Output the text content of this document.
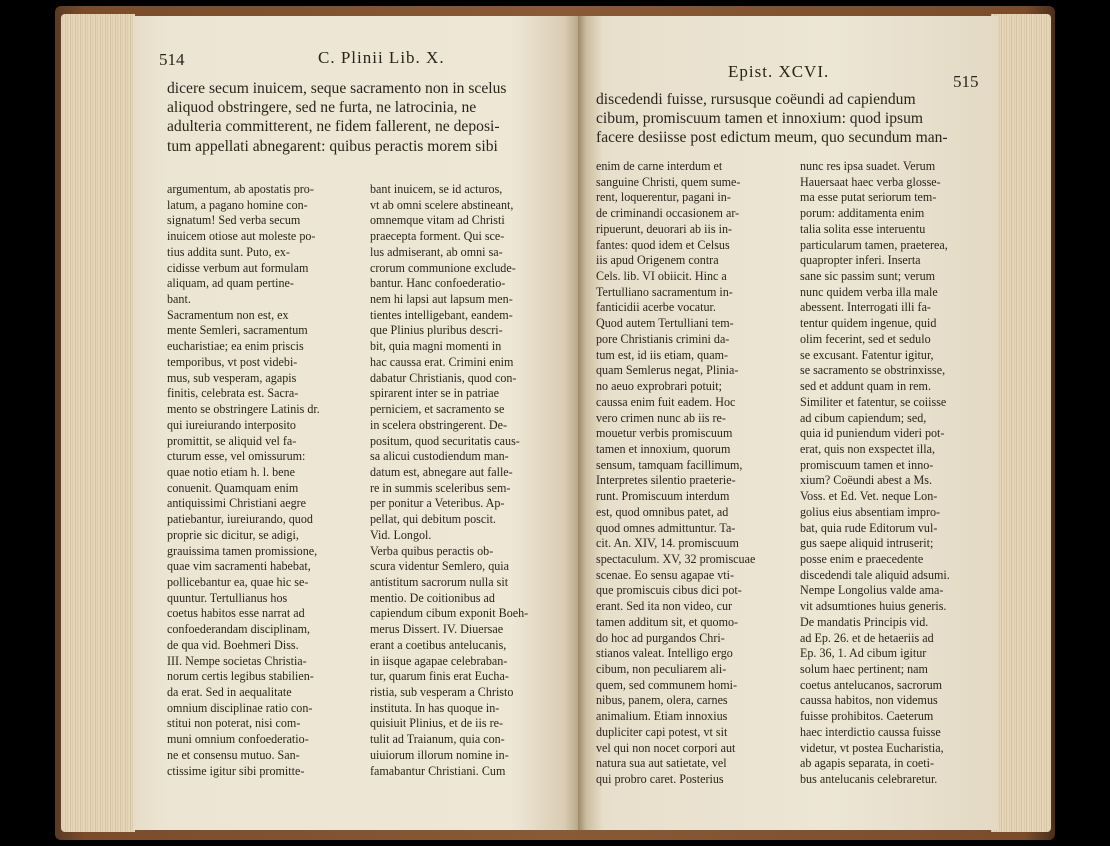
514	C. Plinii Lib. X.
dicere secum inuicem, seque sacramento non in scelus
aliquod obstringere, sed ne furta, ne latrocinia, ne
adulteria committerent, ne fidem fallerent, ne deposi-
tum appellati abnegarent: quibus peractis morem sibi
argumentum, ab apostatis pro-
latum, a pagano homine con-
signatum! Sed verba secum
inuicem otiose aut moleste po-
tius addita sunt. Puto, ex-
cidisse verbum aut formulam
aliquam, ad quam pertine-
bant.
Sacramentum non est, ex
mente Semleri, sacramentum
eucharistiae; ea enim priscis
temporibus, vt post videbi-
mus, sub vesperam, agapis
finitis, celebrata est. Sacra-
mento se obstringere Latinis dr.
qui iureiurando interposito
promittit, se aliquid vel fa-
cturum esse, vel omissurum:
quae notio etiam h. l. bene
conuenit. Quamquam enim
antiquissimi Christiani aegre
patiebantur, iureiurando, quod
proprie sic dicitur, se adigi,
grauissima tamen promissione,
quae vim sacramenti habebat,
pollicebantur ea, quae hic se-
quuntur. Tertullianus hos
coetus habitos esse narrat ad
confoederandam disciplinam,
de qua vid. Boehmeri Diss.
III. Nempe societas Christia-
norum certis legibus stabilien-
da erat. Sed in aequalitate
omnium disciplinae ratio con-
stitui non poterat, nisi com-
muni omnium confoederatio-
ne et consensu mutuo. San-
ctissime igitur sibi promitte-
bant inuicem, se id acturos,
vt ab omni scelere abstineant,
omnemque vitam ad Christi
praecepta forment. Qui sce-
lus admiserant, ab omni sa-
crorum communione exclude-
bantur. Hanc confoederatio-
nem hi lapsi aut lapsum men-
tientes intelligebant, eandem-
que Plinius pluribus descri-
bit, quia magni momenti in
hac caussa erat. Crimini enim
dabatur Christianis, quod con-
spirarent inter se in patriae
perniciem, et sacramento se
in scelera obstringerent. De-
positum, quod securitatis caus-
sa alicui custodiendum man-
datum est, abnegare aut falle-
re in summis sceleribus sem-
per ponitur a Veteribus. Ap-
pellat, qui debitum poscit.
Vid. Longol.
Verba quibus peractis ob-
scura videntur Semlero, quia
antistitum sacrorum nulla sit
mentio. De coitionibus ad
capiendum cibum exponit Boeh-
merus Dissert. IV. Diuersae
erant a coetibus antelucanis,
in iisque agapae celebraban-
tur, quarum finis erat Eucha-
ristia, sub vesperam a Christo
instituta. In has quoque in-
quisiuit Plinius, et de iis re-
tulit ad Traianum, quia con-
uiuiorum illorum nomine in-
famabantur Christiani. Cum
Epist. XCVI.
515
discedendi fuisse, rursusque coëundi ad capiendum
cibum, promiscuum tamen et innoxium: quod ipsum
facere desiisse post edictum meum, quo secundum man-
enim de carne interdum et
sanguine Christi, quem sume-
rent, loquerentur, pagani in-
de criminandi occasionem ar-
ripuerunt, deuorari ab iis in-
fantes: quod idem et Celsus
iis apud Origenem contra
Cels. lib. VI obiicit. Hinc a
Tertulliano sacramentum in-
fanticidii acerbe vocatur.
Quod autem Tertulliani tem-
pore Christianis crimini da-
tum est, id iis etiam, quam-
quam Semlerus negat, Plinia-
no aeuo exprobrari potuit;
caussa enim fuit eadem. Hoc
vero crimen nunc ab iis re-
mouetur verbis promiscuum
tamen et innoxium, quorum
sensum, tamquam facillimum,
Interpretes silentio praeterie-
runt. Promiscuum interdum
est, quod omnibus patet, ad
quod omnes admittuntur. Ta-
cit. An. XIV, 14. promiscuum
spectaculum. XV, 32 promiscuae
scenae. Eo sensu agapae vti-
que promiscuis cibus dici pot-
erant. Sed ita non video, cur
tamen additum sit, et quomo-
do hoc ad purgandos Chri-
stianos valeat. Intelligo ergo
cibum, non peculiarem ali-
quem, sed communem homi-
nibus, panem, olera, carnes
animalium. Etiam innoxius
dupliciter capi potest, vt sit
vel qui non nocet corpori aut
natura sua aut satietate, vel
qui probro caret. Posterius
nunc res ipsa suadet. Verum
Hauersaat haec verba glosse-
ma esse putat seriorum tem-
porum: additamenta enim
talia solita esse interuentu
particularum tamen, praeterea,
quapropter inferi. Inserta
sane sic passim sunt; verum
nunc quidem verba illa male
abessent. Interrogati illi fa-
tentur quidem ingenue, quid
olim fecerint, sed et sedulo
se excusant. Fatentur igitur,
se sacramento se obstrinxisse,
sed et addunt quam in rem.
Similiter et fatentur, se coiisse
ad cibum capiendum; sed,
quia id puniendum videri pot-
erat, quis non exspectet illa,
promiscuum tamen et inno-
xium? Coëundi abest a Ms.
Voss. et Ed. Vet. neque Lon-
golius eius absentiam impro-
bat, quia rude Editorum vul-
gus saepe aliquid intruserit;
posse enim e praecedente
discedendi tale aliquid adsumi.
Nempe Longolius valde ama-
vit adsumtiones huius generis.
De mandatis Principis vid.
ad Ep. 26. et de hetaeriis ad
Ep. 36, 1. Ad cibum igitur
solum haec pertinent; nam
coetus antelucanos, sacrorum
caussa habitos, non videmus
fuisse prohibitos. Caeterum
haec interdictio caussa fuisse
videtur, vt postea Eucharistia,
ab agapis separata, in coeti-
bus antelucanis celebraretur.
